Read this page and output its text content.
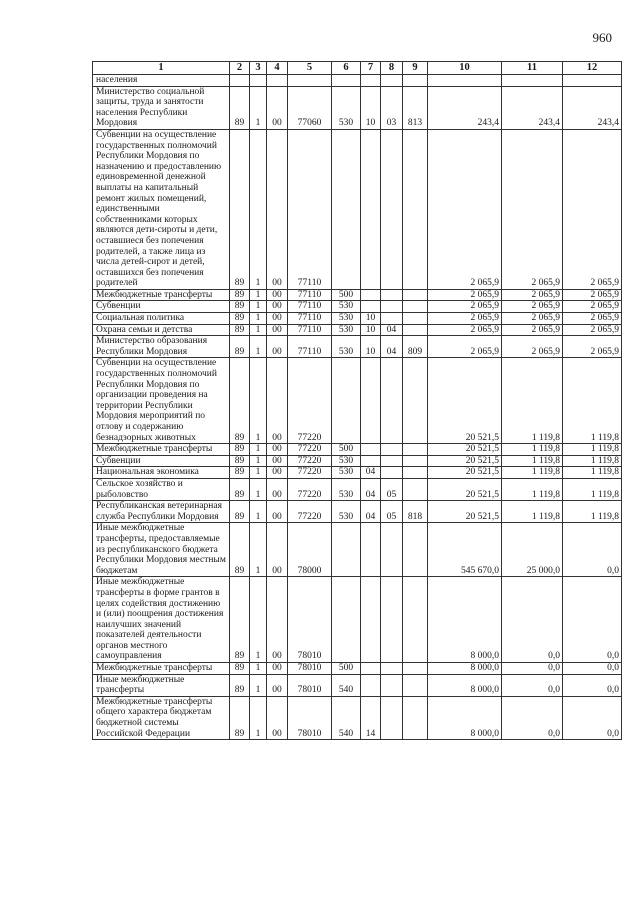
960
1	2	3	4	5	6	7	8	9	10	11	12
населения											
Министерство социальной защиты, труда и занятости населения Республики Мордовия	89	1	00	77060	530	10	03	813	243,4	243,4	243,4
Субвенции на осуществление государственных полномочий Республики Мордовия по назначению и предоставлению единовременной денежной выплаты на капитальный ремонт жилых помещений, единственными собственниками которых являются дети-сироты и дети, оставшиеся без попечения родителей, а также лица из числа детей-сирот и детей, оставшихся без попечения родителей	89	1	00	77110					2 065,9	2 065,9	2 065,9
Межбюджетные трансферты	89	1	00	77110	500				2 065,9	2 065,9	2 065,9
Субвенции	89	1	00	77110	530				2 065,9	2 065,9	2 065,9
Социальная политика	89	1	00	77110	530	10			2 065,9	2 065,9	2 065,9
Охрана семьи и детства	89	1	00	77110	530	10	04		2 065,9	2 065,9	2 065,9
Министерство образования Республики Мордовия	89	1	00	77110	530	10	04	809	2 065,9	2 065,9	2 065,9
Субвенции на осуществление государственных полномочий Республики Мордовия по организации проведения на территории Республики Мордовия мероприятий по отлову и содержанию безнадзорных животных	89	1	00	77220					20 521,5	1 119,8	1 119,8
Межбюджетные трансферты	89	1	00	77220	500				20 521,5	1 119,8	1 119,8
Субвенции	89	1	00	77220	530				20 521,5	1 119,8	1 119,8
Национальная экономика	89	1	00	77220	530	04			20 521,5	1 119,8	1 119,8
Сельское хозяйство и рыболовство	89	1	00	77220	530	04	05		20 521,5	1 119,8	1 119,8
Республиканская ветеринарная служба Республики Мордовия	89	1	00	77220	530	04	05	818	20 521,5	1 119,8	1 119,8
Иные межбюджетные трансферты, предоставляемые из республиканского бюджета Республики Мордовия местным бюджетам	89	1	00	78000					545 670,0	25 000,0	0,0
Иные межбюджетные трансферты в форме грантов в целях содействия достижению и (или) поощрения достижения наилучших значений показателей деятельности органов местного самоуправления	89	1	00	78010					8 000,0	0,0	0,0
Межбюджетные трансферты	89	1	00	78010	500				8 000,0	0,0	0,0
Иные межбюджетные трансферты	89	1	00	78010	540				8 000,0	0,0	0,0
Межбюджетные трансферты общего характера бюджетам бюджетной системы Российской Федерации	89	1	00	78010	540	14			8 000,0	0,0	0,0
